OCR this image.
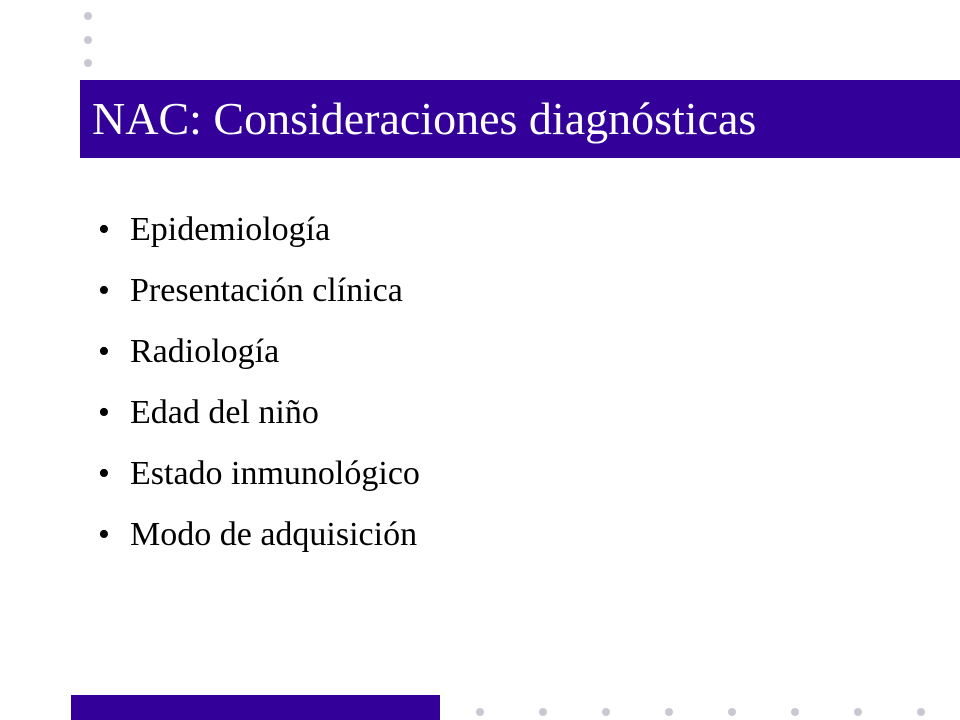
NAC: Consideraciones diagnósticas
• Epidemiología
• Presentación clínica
• Radiología
• Edad del niño
• Estado inmunológico
• Modo de adquisición
